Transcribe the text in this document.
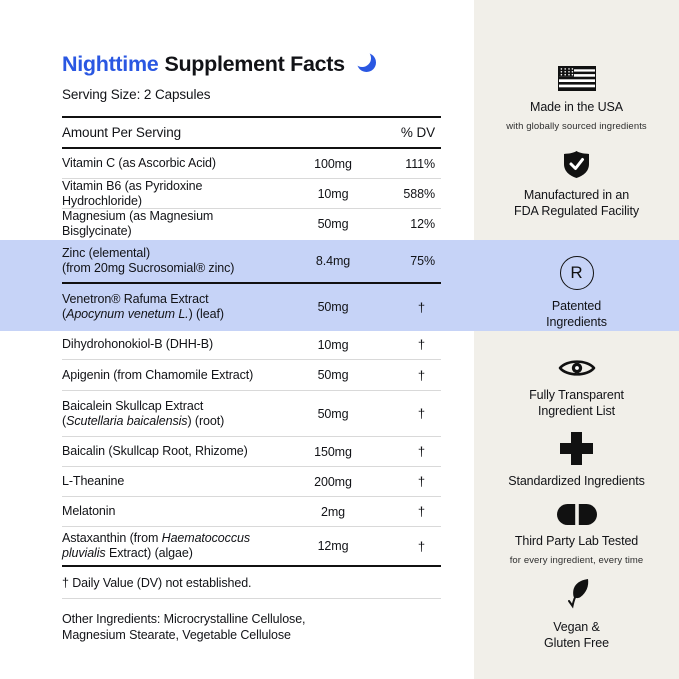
Nighttime Supplement Facts
Serving Size: 2 Capsules
Amount Per Serving	% DV
Vitamin C (as Ascorbic Acid)	100mg	111%
Vitamin B6 (as Pyridoxine Hydrochloride)	10mg	588%
Magnesium (as Magnesium Bisglycinate)	50mg	12%
Zinc (elemental)
(from 20mg Sucrosomial® zinc)	8.4mg	75%
Venetron® Rafuma Extract
(Apocynum venetum L.) (leaf)	50mg	†
Dihydrohonokiol-B (DHH-B)	10mg	†
Apigenin (from Chamomile Extract)	50mg	†
Baicalein Skullcap Extract
(Scutellaria baicalensis) (root)	50mg	†
Baicalin (Skullcap Root, Rhizome)	150mg	†
L-Theanine	200mg	†
Melatonin	2mg	†
Astaxanthin (from Haematococcus
pluvialis Extract) (algae)	12mg	†
† Daily Value (DV) not established.
Other Ingredients: Microcrystalline Cellulose,
Magnesium Stearate, Vegetable Cellulose
Made in the USA
with globally sourced ingredients
Manufactured in an
FDA Regulated Facility
R
Patented
Ingredients
Fully Transparent
Ingredient List
Standardized Ingredients
Third Party Lab Tested
for every ingredient, every time
Vegan &
Gluten Free
